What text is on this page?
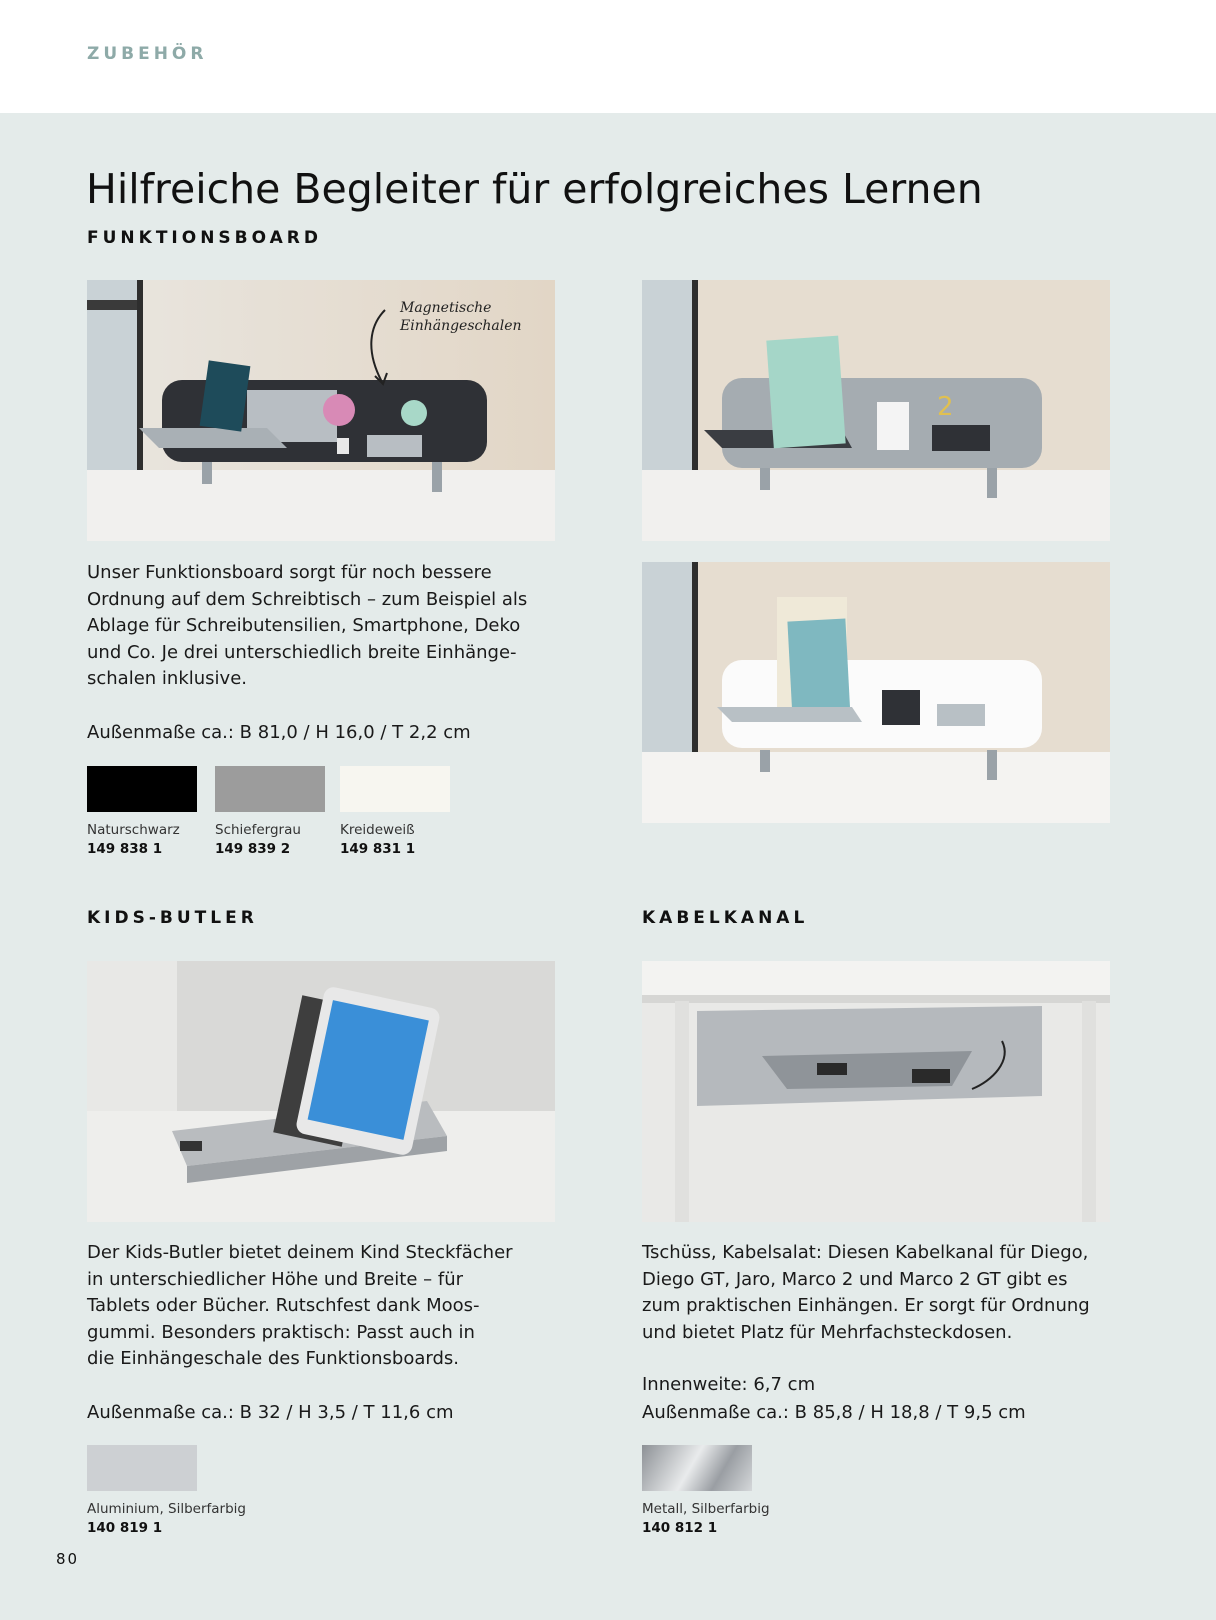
ZUBEHÖR
Hilfreiche Begleiter für erfolgreiches Lernen
FUNKTIONSBOARD
Magnetische
Einhängeschalen
2

Unser Funktionsboard sorgt für noch bessere

Ordnung auf dem Schreibtisch – zum Beispiel als

Ablage für Schreibutensilien, Smartphone, Deko

und Co. Je drei unterschiedlich breite Einhänge-

schalen inklusive.

Außenmaße ca.: B 81,0 / H 16,0 / T 2,2 cm
Naturschwarz
149 838 1
Schiefergrau
149 839 2
Kreideweiß
149 831 1
KIDS-BUTLER

Der Kids-Butler bietet deinem Kind Steckfächer

in unterschiedlicher Höhe und Breite – für

Tablets oder Bücher. Rutschfest dank Moos-

gummi. Besonders praktisch: Passt auch in

die Einhängeschale des Funktionsboards.

Außenmaße ca.: B 32 / H 3,5 / T 11,6 cm
Aluminium, Silberfarbig
140 819 1
KABELKANAL

Tschüss, Kabelsalat: Diesen Kabelkanal für Diego,

Diego GT, Jaro, Marco 2 und Marco 2 GT gibt es

zum praktischen Einhängen. Er sorgt für Ordnung

und bietet Platz für Mehrfachsteckdosen.

Innenweite: 6,7 cm
Außenmaße ca.: B 85,8 / H 18,8 / T 9,5 cm
Metall, Silberfarbig
140 812 1
80
